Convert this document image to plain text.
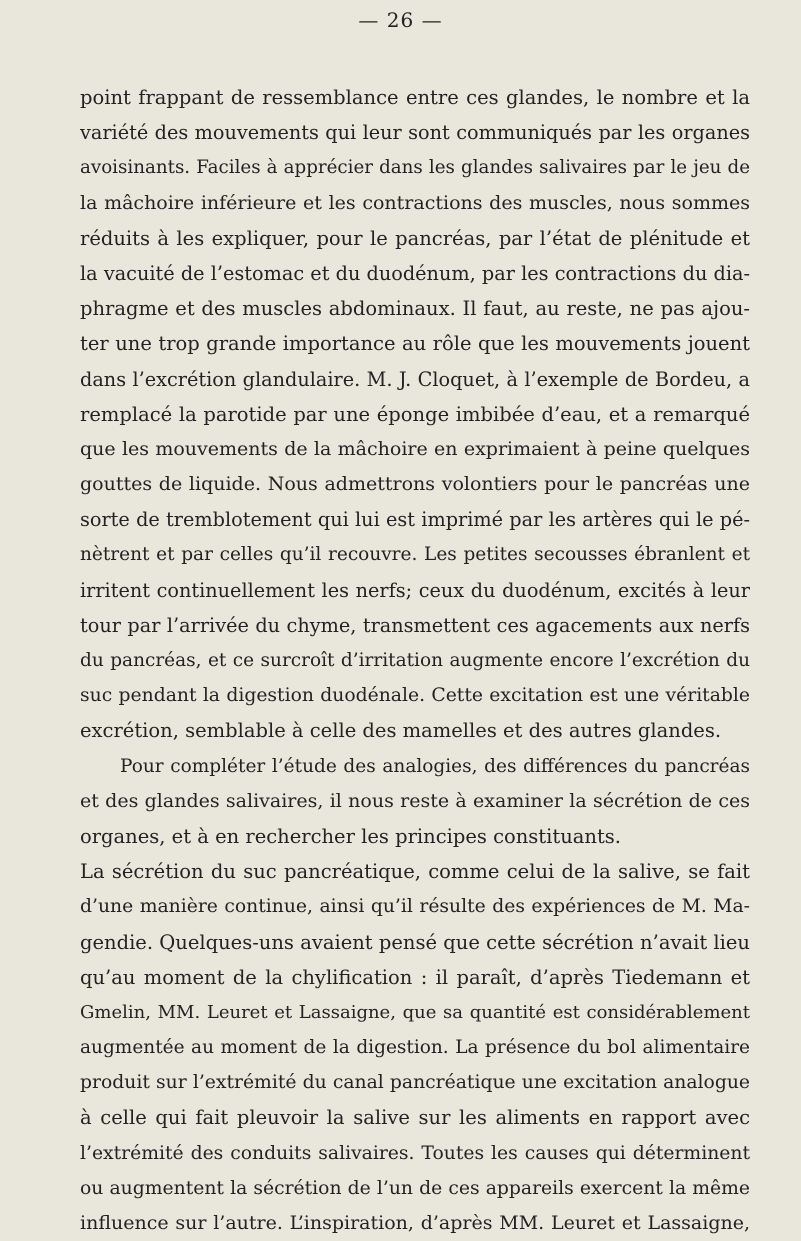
— 26 —
point frappant de ressemblance entre ces glandes, le nombre et la
variété des mouvements qui leur sont communiqués par les organes
avoisinants. Faciles à apprécier dans les glandes salivaires par le jeu de
la mâchoire inférieure et les contractions des muscles, nous sommes
réduits à les expliquer, pour le pancréas, par l’état de plénitude et
la vacuité de l’estomac et du duodénum, par les contractions du dia-
phragme et des muscles abdominaux. Il faut, au reste, ne pas ajou-
ter une trop grande importance au rôle que les mouvements jouent
dans l’excrétion glandulaire. M. J. Cloquet, à l’exemple de Bordeu, a
remplacé la parotide par une éponge imbibée d’eau, et a remarqué
que les mouvements de la mâchoire en exprimaient à peine quelques
gouttes de liquide. Nous admettrons volontiers pour le pancréas une
sorte de tremblotement qui lui est imprimé par les artères qui le pé-
nètrent et par celles qu’il recouvre. Les petites secousses ébranlent et
irritent continuellement les nerfs; ceux du duodénum, excités à leur
tour par l’arrivée du chyme, transmettent ces agacements aux nerfs
du pancréas, et ce surcroît d’irritation augmente encore l’excrétion du
suc pendant la digestion duodénale. Cette excitation est une véritable
excrétion, semblable à celle des mamelles et des autres glandes.
Pour compléter l’étude des analogies, des différences du pancréas
et des glandes salivaires, il nous reste à examiner la sécrétion de ces
organes, et à en rechercher les principes constituants.
La sécrétion du suc pancréatique, comme celui de la salive, se fait
d’une manière continue, ainsi qu’il résulte des expériences de M. Ma-
gendie. Quelques-uns avaient pensé que cette sécrétion n’avait lieu
qu’au moment de la chylification : il paraît, d’après Tiedemann et
Gmelin, MM. Leuret et Lassaigne, que sa quantité est considérablement
augmentée au moment de la digestion. La présence du bol alimentaire
produit sur l’extrémité du canal pancréatique une excitation analogue
à celle qui fait pleuvoir la salive sur les aliments en rapport avec
l’extrémité des conduits salivaires. Toutes les causes qui déterminent
ou augmentent la sécrétion de l’un de ces appareils exercent la même
influence sur l’autre. L’inspiration, d’après MM. Leuret et Lassaigne,
